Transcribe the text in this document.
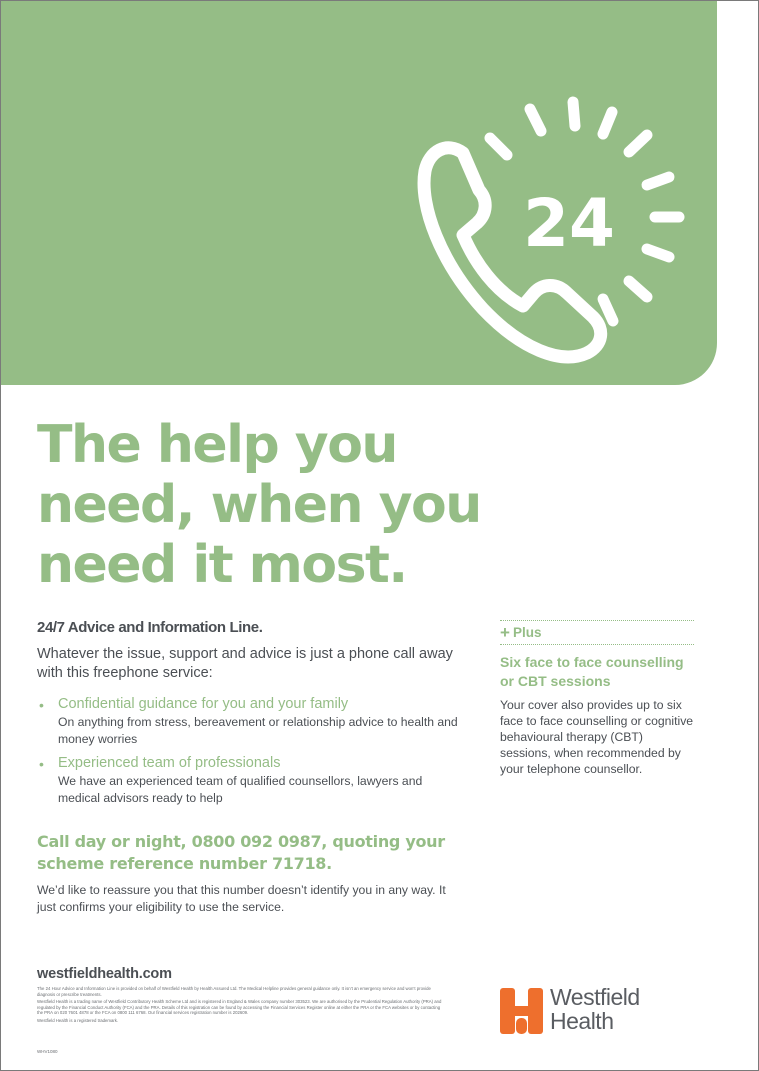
24
The help you
need, when you
need it most.
24/7 Advice and Information Line.
Whatever the issue, support and advice is just a phone call away with this freephone service:
• Confidential guidance for you and your family
On anything from stress, bereavement or relationship advice to health and money worries
• Experienced team of professionals
We have an experienced team of qualified counsellors, lawyers and medical advisors ready to help
Call day or night, 0800 092 0987, quoting your
scheme reference number 71718.
We’d like to reassure you that this number doesn’t identify you in any way. It just confirms your eligibility to use the service.
+ Plus
Six face to face counselling or CBT sessions
Your cover also provides up to six face to face counselling or cognitive behavioural therapy (CBT) sessions, when recommended by your telephone counsellor.
westfieldhealth.com

The 24 Hour Advice and Information Line is provided on behalf of Westfield Health by Health Assured Ltd. The Medical Helpline provides general guidance only. It isn’t an emergency service and won’t provide diagnosis or prescribe treatments.

Westfield Health is a trading name of Westfield Contributory Health Scheme Ltd and is registered in England & Wales company number 303523. We are authorised by the Prudential Regulation Authority (PRA) and regulated by the Financial Conduct Authority (FCA) and the PRA. Details of this registration can be found by accessing the Financial Services Register online at either the PRA or the FCA websites or by contacting the PRA on 020 7601 4878 or the FCA on 0800 111 6768. Our financial services registration number is 202609.

Westfield Health is a registered trademark.

WHV1080
Westfield
Health
